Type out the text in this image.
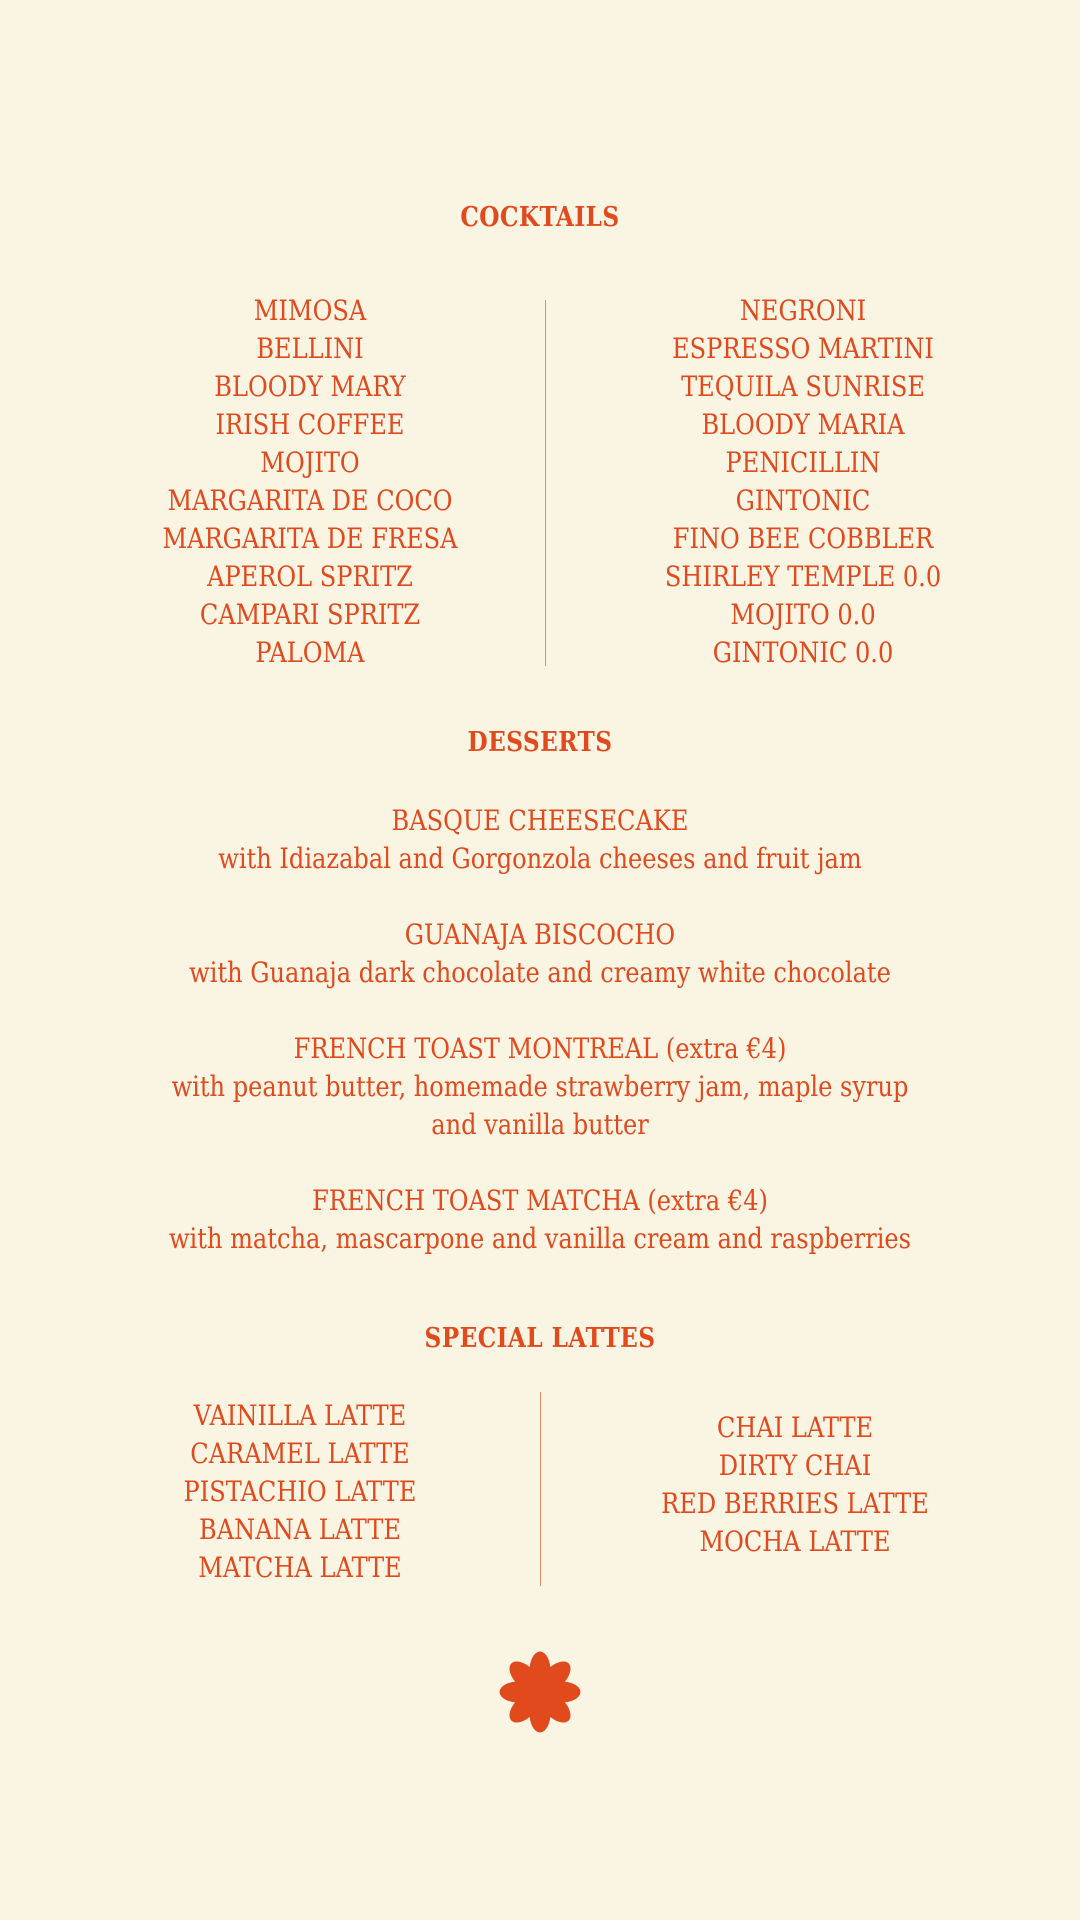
COCKTAILS
MIMOSA
BELLINI
BLOODY MARY
IRISH COFFEE
MOJITO
MARGARITA DE COCO
MARGARITA DE FRESA
APEROL SPRITZ
CAMPARI SPRITZ
PALOMA
NEGRONI
ESPRESSO MARTINI
TEQUILA SUNRISE
BLOODY MARIA
PENICILLIN
GINTONIC
FINO BEE COBBLER
SHIRLEY TEMPLE 0.0
MOJITO 0.0
GINTONIC 0.0
DESSERTS
BASQUE CHEESECAKE
with Idiazabal and Gorgonzola cheeses and fruit jam
GUANAJA BISCOCHO
with Guanaja dark chocolate and creamy white chocolate
FRENCH TOAST MONTREAL (extra €4)
with peanut butter, homemade strawberry jam, maple syrup and vanilla butter
FRENCH TOAST MATCHA (extra €4)
with matcha, mascarpone and vanilla cream and raspberries
SPECIAL LATTES
VAINILLA LATTE
CARAMEL LATTE
PISTACHIO LATTE
BANANA LATTE
MATCHA LATTE
CHAI LATTE
DIRTY CHAI
RED BERRIES LATTE
MOCHA LATTE
